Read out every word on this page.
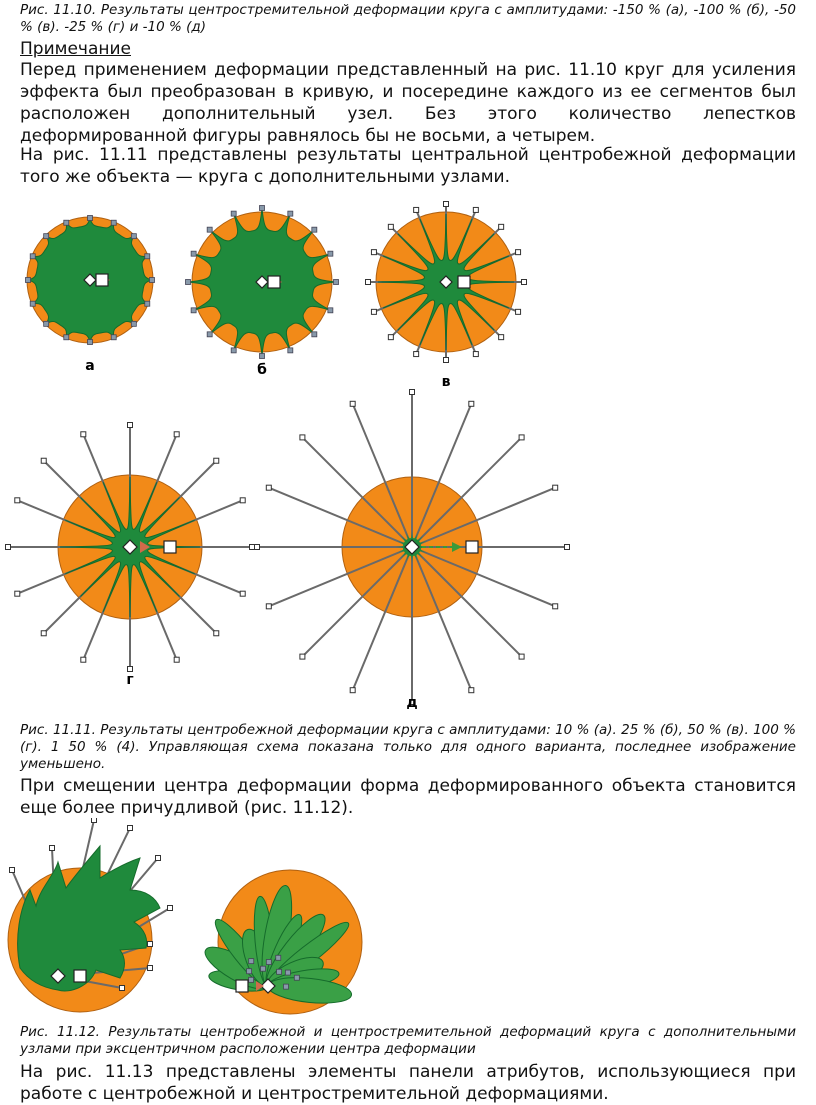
Рис. 11.10. Результаты центростремительной деформации круга с амплитудами: -150 % (а), -100 % (б), -50 % (в). -25 % (г) и -10 % (д)
Примечание
Перед применением деформации представленный на рис. 11.10 круг для усиления эффекта был преобразован в кривую, и посередине каждого из ее сегментов был расположен дополнительный узел. Без этого количество лепестков деформированной фигуры равнялось бы не восьми, а четырем.
На рис. 11.11 представлены результаты центральной центробежной деформации того же объекта — круга с дополнительными узлами.
а	б
в
г
д
Рис. 11.11. Результаты центробежной деформации круга с амплитудами: 10 % (а). 25 % (б), 50 % (в). 100 % (г). 1 50 % (4). Управляющая схема показана только для одного варианта, последнее изображение уменьшено.
При смещении центра деформации форма деформированного объекта становится еще более причудливой (рис. 11.12).
Рис. 11.12. Результаты центробежной и центростремительной деформаций круга с дополнительными узлами при эксцентричном расположении центра деформации
На рис. 11.13 представлены элементы панели атрибутов, использующиеся при работе с центробежной и центростремительной деформациями.
